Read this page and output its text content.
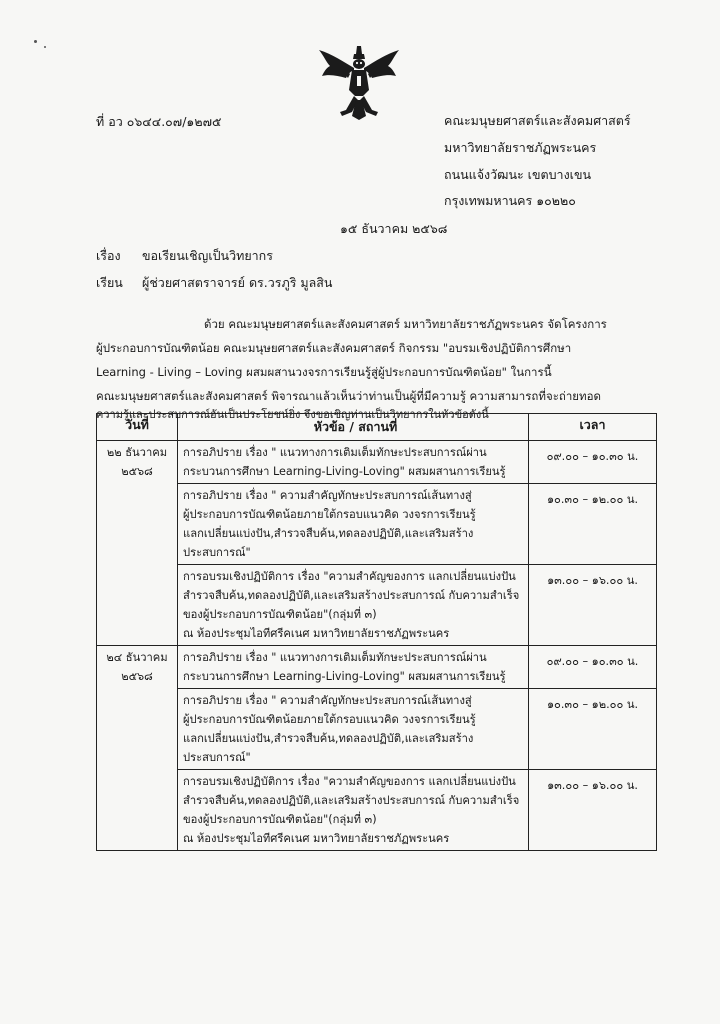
ที่ อว ๐๖๔๔.๐๗/๑๒๗๕	คณะมนุษยศาสตร์และสังคมศาสตร์
มหาวิทยาลัยราชภัฏพระนคร
ถนนแจ้งวัฒนะ เขตบางเขน
กรุงเทพมหานคร ๑๐๒๒๐
๑๕ ธันวาคม ๒๕๖๘
เรื่อง ขอเรียนเชิญเป็นวิทยากร
เรียน ผู้ช่วยศาสตราจารย์ ดร.วรภูริ มูลสิน
ด้วย คณะมนุษยศาสตร์และสังคมศาสตร์ มหาวิทยาลัยราชภัฏพระนคร จัดโครงการ
ผู้ประกอบการบัณฑิตน้อย คณะมนุษยศาสตร์และสังคมศาสตร์ กิจกรรม "อบรมเชิงปฏิบัติการศึกษา
Learning - Living – Loving ผสมผสานวงจรการเรียนรู้สู่ผู้ประกอบการบัณฑิตน้อย" ในการนี้
คณะมนุษยศาสตร์และสังคมศาสตร์ พิจารณาแล้วเห็นว่าท่านเป็นผู้ที่มีความรู้ ความสามารถที่จะถ่ายทอด
ความรู้และประสบการณ์อันเป็นประโยชน์ยิ่ง จึงขอเชิญท่านเป็นวิทยากรในหัวข้อดังนี้
วันที่	หัวข้อ / สถานที่	เวลา

๒๒ ธันวาคม
๒๕๖๘	การอภิปราย เรื่อง " แนวทางการเติมเต็มทักษะประสบการณ์ผ่าน
กระบวนการศึกษา Learning-Living-Loving" ผสมผสานการเรียนรู้	๐๙.๐๐ – ๑๐.๓๐ น.

	การอภิปราย เรื่อง " ความสำคัญทักษะประสบการณ์เส้นทางสู่
ผู้ประกอบการบัณฑิตน้อยภายใต้กรอบแนวคิด วงจรการเรียนรู้
แลกเปลี่ยนแบ่งปัน,สำรวจสืบค้น,ทดลองปฏิบัติ,และเสริมสร้าง
ประสบการณ์"	๑๐.๓๐ – ๑๒.๐๐ น.

	การอบรมเชิงปฏิบัติการ เรื่อง "ความสำคัญของการ แลกเปลี่ยนแบ่งปัน
สำรวจสืบค้น,ทดลองปฏิบัติ,และเสริมสร้างประสบการณ์ กับความสำเร็จ
ของผู้ประกอบการบัณฑิตน้อย"(กลุ่มที่ ๓)
ณ ห้องประชุมไอทีศรีคเนศ มหาวิทยาลัยราชภัฏพระนคร	๑๓.๐๐ – ๑๖.๐๐ น.

๒๔ ธันวาคม
๒๕๖๘	การอภิปราย เรื่อง " แนวทางการเติมเต็มทักษะประสบการณ์ผ่าน
กระบวนการศึกษา Learning-Living-Loving" ผสมผสานการเรียนรู้	๐๙.๐๐ – ๑๐.๓๐ น.

	การอภิปราย เรื่อง " ความสำคัญทักษะประสบการณ์เส้นทางสู่
ผู้ประกอบการบัณฑิตน้อยภายใต้กรอบแนวคิด วงจรการเรียนรู้
แลกเปลี่ยนแบ่งปัน,สำรวจสืบค้น,ทดลองปฏิบัติ,และเสริมสร้าง
ประสบการณ์"	๑๐.๓๐ – ๑๒.๐๐ น.

	การอบรมเชิงปฏิบัติการ เรื่อง "ความสำคัญของการ แลกเปลี่ยนแบ่งปัน
สำรวจสืบค้น,ทดลองปฏิบัติ,และเสริมสร้างประสบการณ์ กับความสำเร็จ
ของผู้ประกอบการบัณฑิตน้อย"(กลุ่มที่ ๓)
ณ ห้องประชุมไอทีศรีคเนศ มหาวิทยาลัยราชภัฏพระนคร	๑๓.๐๐ – ๑๖.๐๐ น.
